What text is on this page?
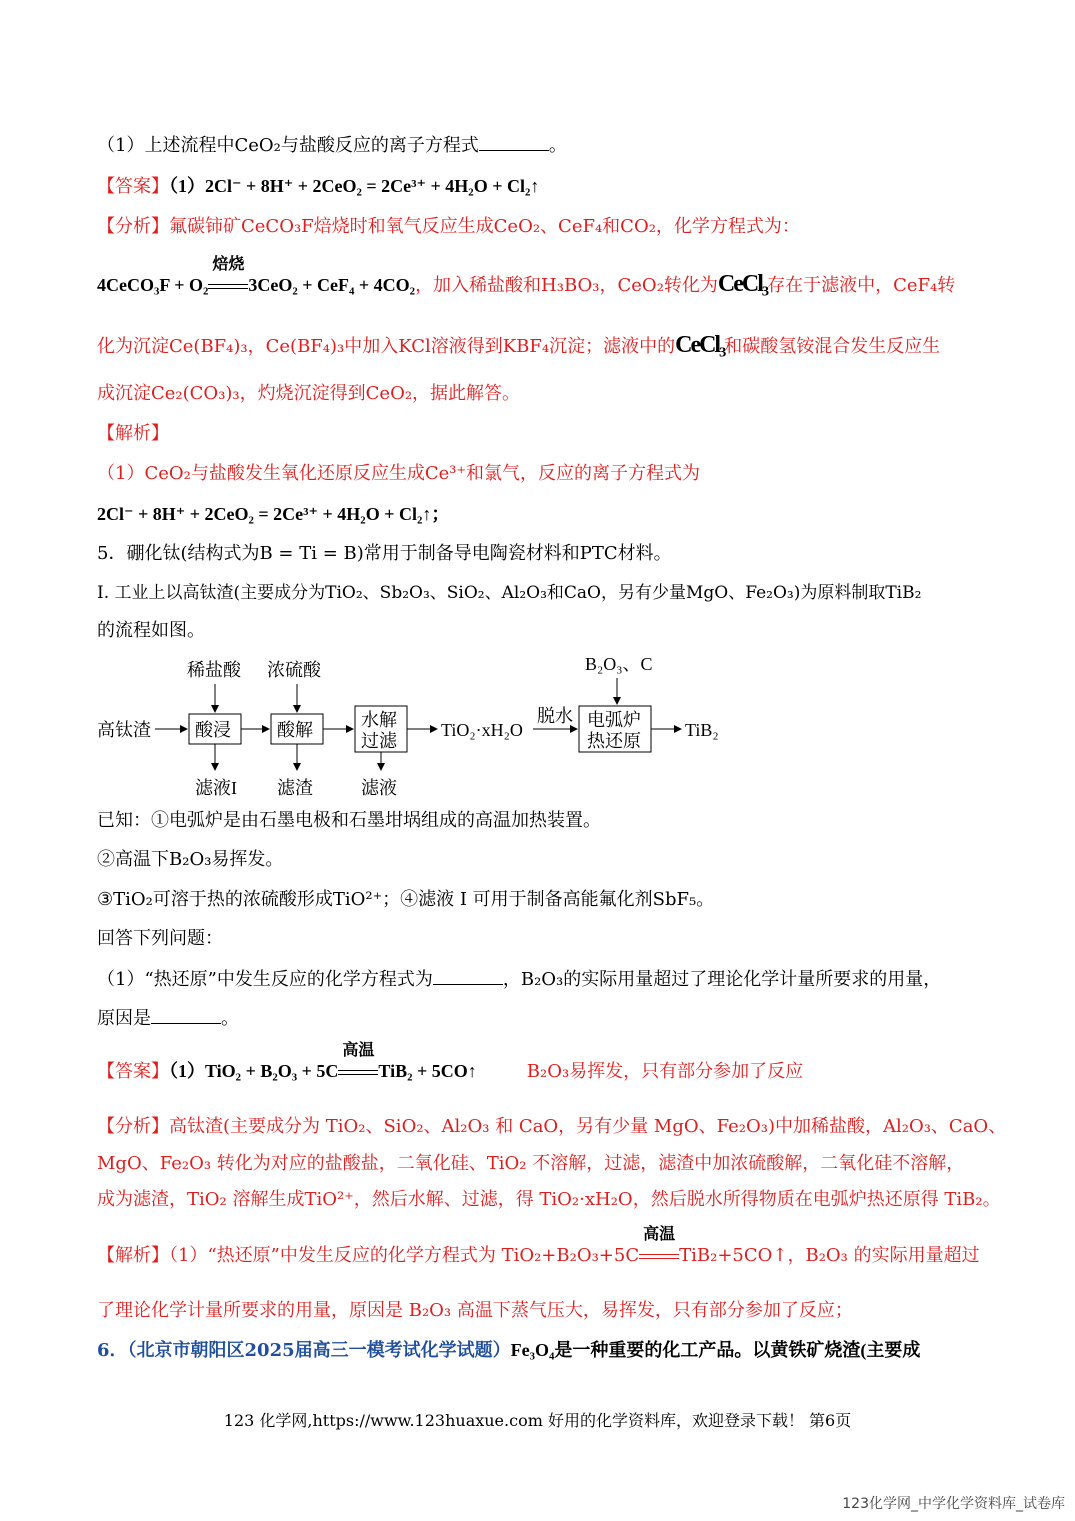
（1）上述流程中CeO₂与盐酸反应的离子方程式	。
【答案】（1）2Cl⁻ + 8H⁺ + 2CeO₂ = 2Ce³⁺ + 4H₂O + Cl₂↑
【分析】氟碳铈矿CeCO₃F焙烧时和氧气反应生成CeO₂、CeF₄和CO₂，化学方程式为：
4CeCO₃F + O₂
焙烧
3CeO₂ + CeF₄ + 4CO₂，加入稀盐酸和H₃BO₃，CeO₂转化为CeCl₃存在于滤液中，CeF₄转
化为沉淀Ce(BF₄)₃，Ce(BF₄)₃中加入KCl溶液得到KBF₄沉淀；滤液中的CeCl₃和碳酸氢铵混合发生反应生
成沉淀Ce₂(CO₃)₃，灼烧沉淀得到CeO₂，据此解答。
【解析】
（1）CeO₂与盐酸发生氧化还原反应生成Ce³⁺和氯气，反应的离子方程式为
2Cl⁻ + 8H⁺ + 2CeO₂ = 2Ce³⁺ + 4H₂O + Cl₂↑；
5．硼化钛(结构式为B = Ti = B)常用于制备导电陶瓷材料和PTC材料。
I. 工业上以高钛渣(主要成分为TiO₂、Sb₂O₃、SiO₂、Al₂O₃和CaO，另有少量MgO、Fe₂O₃)为原料制取TiB₂
的流程如图。
高钛渣 酸浸
稀盐酸
滤液I
酸解
浓硫酸
滤渣
水解
过滤
滤液
TiO₂·xH₂O
脱水 电弧炉
热还原
B₂O₃、C
TiB₂
已知：①电弧炉是由石墨电极和石墨坩埚组成的高温加热装置。
②高温下B₂O₃易挥发。
③TiO₂可溶于热的浓硫酸形成TiO²⁺；④滤液 I 可用于制备高能氟化剂SbF₅。
回答下列问题：
（1）“热还原”中发生反应的化学方程式为	，B₂O₃的实际用量超过了理论化学计量所要求的用量，
原因是	。
【答案】（1）TiO₂ + B₂O₃ + 5C
高温
TiB₂ + 5CO↑	B₂O₃易挥发，只有部分参加了反应
【分析】高钛渣(主要成分为 TiO₂、SiO₂、Al₂O₃ 和 CaO，另有少量 MgO、Fe₂O₃)中加稀盐酸，Al₂O₃、CaO、
MgO、Fe₂O₃ 转化为对应的盐酸盐，二氧化硅、TiO₂ 不溶解，过滤，滤渣中加浓硫酸解，二氧化硅不溶解，
成为滤渣，TiO₂ 溶解生成TiO²⁺，然后水解、过滤，得 TiO₂·xH₂O，然后脱水所得物质在电弧炉热还原得 TiB₂。
【解析】（1）“热还原”中发生反应的化学方程式为 TiO₂+B₂O₃+5C
高温
TiB₂+5CO↑，B₂O₃ 的实际用量超过
了理论化学计量所要求的用量，原因是 B₂O₃ 高温下蒸气压大，易挥发，只有部分参加了反应；
6．（北京市朝阳区2025届高三一模考试化学试题）Fe₃O₄是一种重要的化工产品。以黄铁矿烧渣(主要成
123 化学网,https://www.123huaxue.com 好用的化学资料库，欢迎登录下载！ 第6页
123化学网_中学化学资料库_试卷库
